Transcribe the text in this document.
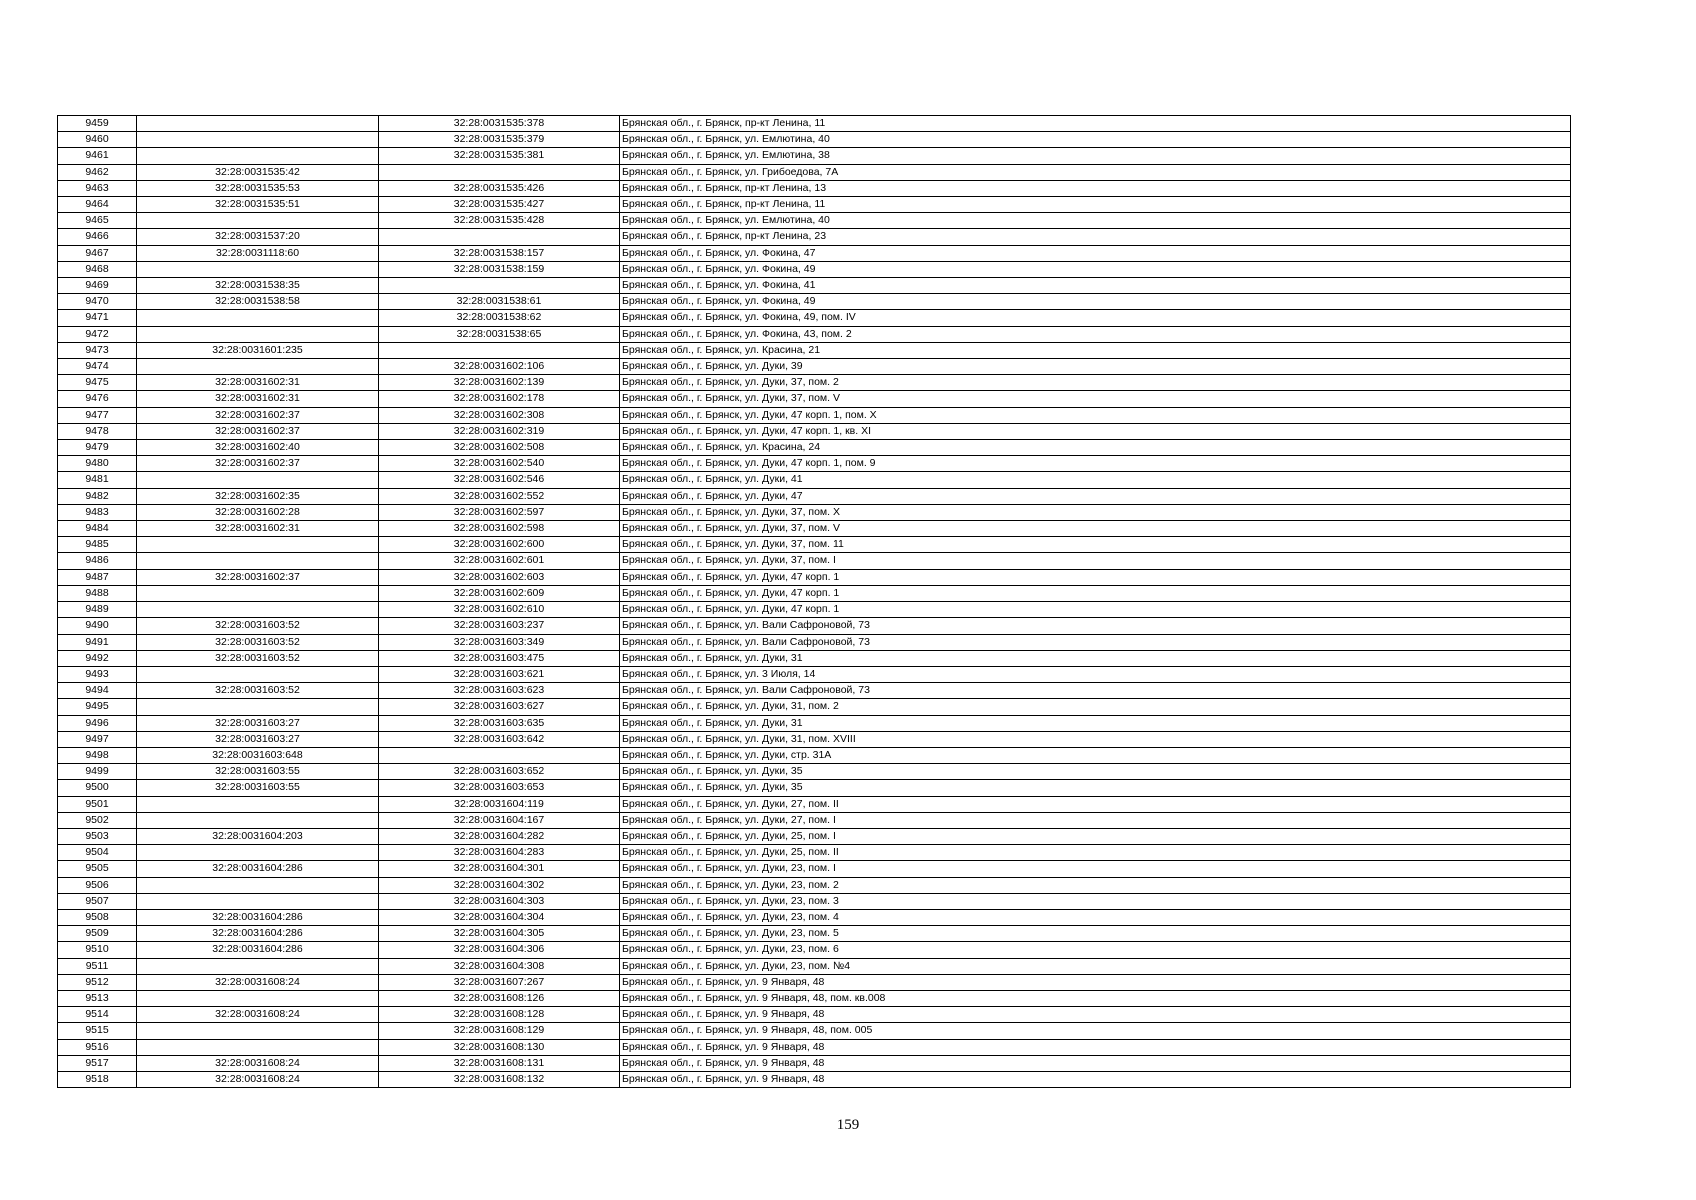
9459		32:28:0031535:378	Брянская обл., г. Брянск, пр-кт Ленина, 11
9460		32:28:0031535:379	Брянская обл., г. Брянск, ул. Емлютина, 40
9461		32:28:0031535:381	Брянская обл., г. Брянск, ул. Емлютина, 38
9462	32:28:0031535:42		Брянская обл., г. Брянск, ул. Грибоедова, 7А
9463	32:28:0031535:53	32:28:0031535:426	Брянская обл., г. Брянск, пр-кт Ленина, 13
9464	32:28:0031535:51	32:28:0031535:427	Брянская обл., г. Брянск, пр-кт Ленина, 11
9465		32:28:0031535:428	Брянская обл., г. Брянск, ул. Емлютина, 40
9466	32:28:0031537:20		Брянская обл., г. Брянск, пр-кт Ленина, 23
9467	32:28:0031118:60	32:28:0031538:157	Брянская обл., г. Брянск, ул. Фокина, 47
9468		32:28:0031538:159	Брянская обл., г. Брянск, ул. Фокина, 49
9469	32:28:0031538:35		Брянская обл., г. Брянск, ул. Фокина, 41
9470	32:28:0031538:58	32:28:0031538:61	Брянская обл., г. Брянск, ул. Фокина, 49
9471		32:28:0031538:62	Брянская обл., г. Брянск, ул. Фокина, 49, пом. IV
9472		32:28:0031538:65	Брянская обл., г. Брянск, ул. Фокина, 43, пом. 2
9473	32:28:0031601:235		Брянская обл., г. Брянск, ул. Красина, 21
9474		32:28:0031602:106	Брянская обл., г. Брянск, ул. Дуки, 39
9475	32:28:0031602:31	32:28:0031602:139	Брянская обл., г. Брянск, ул. Дуки, 37, пом. 2
9476	32:28:0031602:31	32:28:0031602:178	Брянская обл., г. Брянск, ул. Дуки, 37, пом. V
9477	32:28:0031602:37	32:28:0031602:308	Брянская обл., г. Брянск, ул. Дуки, 47 корп. 1, пом. X
9478	32:28:0031602:37	32:28:0031602:319	Брянская обл., г. Брянск, ул. Дуки, 47 корп. 1, кв. XI
9479	32:28:0031602:40	32:28:0031602:508	Брянская обл., г. Брянск, ул. Красина, 24
9480	32:28:0031602:37	32:28:0031602:540	Брянская обл., г. Брянск, ул. Дуки, 47 корп. 1, пом. 9
9481		32:28:0031602:546	Брянская обл., г. Брянск, ул. Дуки, 41
9482	32:28:0031602:35	32:28:0031602:552	Брянская обл., г. Брянск, ул. Дуки, 47
9483	32:28:0031602:28	32:28:0031602:597	Брянская обл., г. Брянск, ул. Дуки, 37, пом. X
9484	32:28:0031602:31	32:28:0031602:598	Брянская обл., г. Брянск, ул. Дуки, 37, пом. V
9485		32:28:0031602:600	Брянская обл., г. Брянск, ул. Дуки, 37, пом. 11
9486		32:28:0031602:601	Брянская обл., г. Брянск, ул. Дуки, 37, пом. I
9487	32:28:0031602:37	32:28:0031602:603	Брянская обл., г. Брянск, ул. Дуки, 47 корп. 1
9488		32:28:0031602:609	Брянская обл., г. Брянск, ул. Дуки, 47 корп. 1
9489		32:28:0031602:610	Брянская обл., г. Брянск, ул. Дуки, 47 корп. 1
9490	32:28:0031603:52	32:28:0031603:237	Брянская обл., г. Брянск, ул. Вали Сафроновой, 73
9491	32:28:0031603:52	32:28:0031603:349	Брянская обл., г. Брянск, ул. Вали Сафроновой, 73
9492	32:28:0031603:52	32:28:0031603:475	Брянская обл., г. Брянск, ул. Дуки, 31
9493		32:28:0031603:621	Брянская обл., г. Брянск, ул. 3 Июля, 14
9494	32:28:0031603:52	32:28:0031603:623	Брянская обл., г. Брянск, ул. Вали Сафроновой, 73
9495		32:28:0031603:627	Брянская обл., г. Брянск, ул. Дуки, 31, пом. 2
9496	32:28:0031603:27	32:28:0031603:635	Брянская обл., г. Брянск, ул. Дуки, 31
9497	32:28:0031603:27	32:28:0031603:642	Брянская обл., г. Брянск, ул. Дуки, 31, пом. XVIII
9498	32:28:0031603:648		Брянская обл., г. Брянск, ул. Дуки, стр. 31А
9499	32:28:0031603:55	32:28:0031603:652	Брянская обл., г. Брянск, ул. Дуки, 35
9500	32:28:0031603:55	32:28:0031603:653	Брянская обл., г. Брянск, ул. Дуки, 35
9501		32:28:0031604:119	Брянская обл., г. Брянск, ул. Дуки, 27, пом. II
9502		32:28:0031604:167	Брянская обл., г. Брянск, ул. Дуки, 27, пом. I
9503	32:28:0031604:203	32:28:0031604:282	Брянская обл., г. Брянск, ул. Дуки, 25, пом. I
9504		32:28:0031604:283	Брянская обл., г. Брянск, ул. Дуки, 25, пом. II
9505	32:28:0031604:286	32:28:0031604:301	Брянская обл., г. Брянск, ул. Дуки, 23, пом. I
9506		32:28:0031604:302	Брянская обл., г. Брянск, ул. Дуки, 23, пом. 2
9507		32:28:0031604:303	Брянская обл., г. Брянск, ул. Дуки, 23, пом. 3
9508	32:28:0031604:286	32:28:0031604:304	Брянская обл., г. Брянск, ул. Дуки, 23, пом. 4
9509	32:28:0031604:286	32:28:0031604:305	Брянская обл., г. Брянск, ул. Дуки, 23, пом. 5
9510	32:28:0031604:286	32:28:0031604:306	Брянская обл., г. Брянск, ул. Дуки, 23, пом. 6
9511		32:28:0031604:308	Брянская обл., г. Брянск, ул. Дуки, 23, пом. №4
9512	32:28:0031608:24	32:28:0031607:267	Брянская обл., г. Брянск, ул. 9 Января, 48
9513		32:28:0031608:126	Брянская обл., г. Брянск, ул. 9 Января, 48, пом. кв.008
9514	32:28:0031608:24	32:28:0031608:128	Брянская обл., г. Брянск, ул. 9 Января, 48
9515		32:28:0031608:129	Брянская обл., г. Брянск, ул. 9 Января, 48, пом. 005
9516		32:28:0031608:130	Брянская обл., г. Брянск, ул. 9 Января, 48
9517	32:28:0031608:24	32:28:0031608:131	Брянская обл., г. Брянск, ул. 9 Января, 48
9518	32:28:0031608:24	32:28:0031608:132	Брянская обл., г. Брянск, ул. 9 Января, 48
159
